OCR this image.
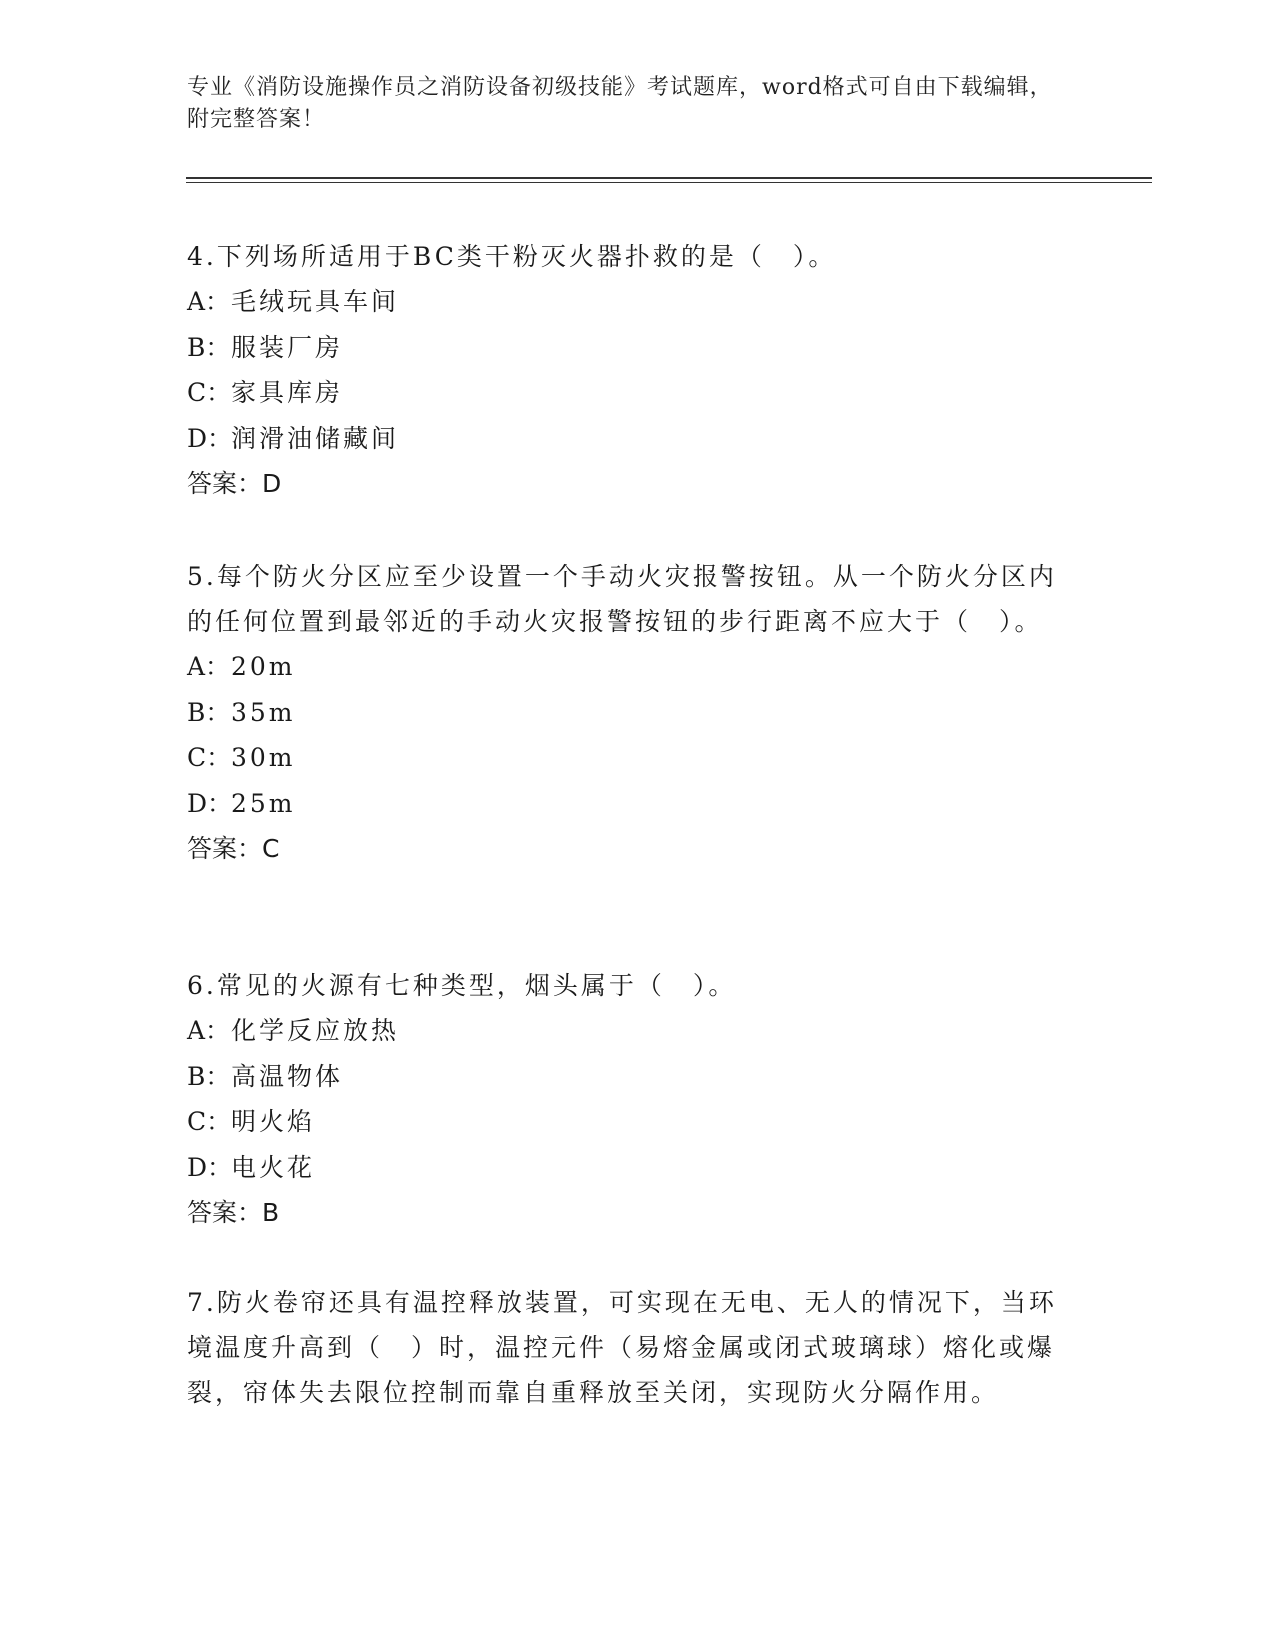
专业《消防设施操作员之消防设备初级技能》考试题库，word格式可自由下载编辑，附完整答案！

4.下列场所适用于BC类干粉灭火器扑救的是（　）。

A：毛绒玩具车间

B：服装厂房

C：家具库房

D：润滑油储藏间

答案：D

5.每个防火分区应至少设置一个手动火灾报警按钮。从一个防火分区内的任何位置到最邻近的手动火灾报警按钮的步行距离不应大于（　）。

A：20m

B：35m

C：30m

D：25m

答案：C

6.常见的火源有七种类型，烟头属于（　）。

A：化学反应放热

B：高温物体

C：明火焰

D：电火花

答案：B

7.防火卷帘还具有温控释放装置，可实现在无电、无人的情况下，当环境温度升高到（　）时，温控元件（易熔金属或闭式玻璃球）熔化或爆裂，帘体失去限位控制而靠自重释放至关闭，实现防火分隔作用。
